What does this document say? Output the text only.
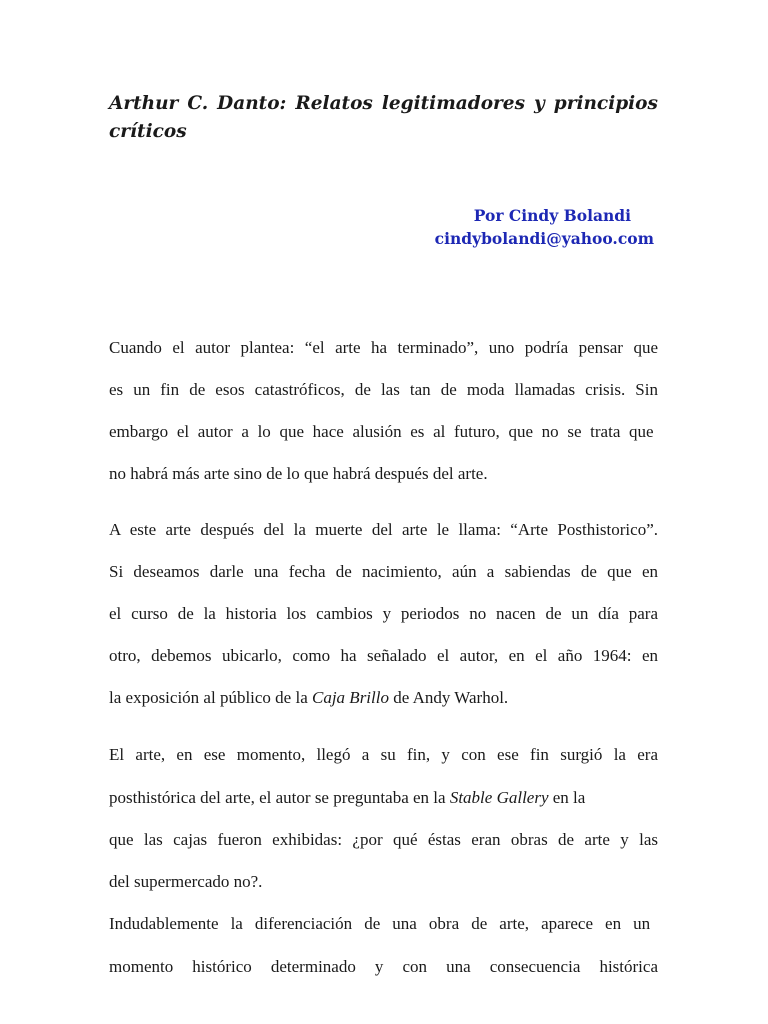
Arthur C. Danto: Relatos legitimadores y principios
críticos
Por Cindy Bolandi
cindybolandi@yahoo.com
Cuando el autor plantea: “el arte ha terminado”, uno podría pensar que
es un fin de esos catastróficos, de las tan de moda llamadas crisis. Sin
embargo el autor a lo que hace alusión es al futuro, que no se trata que
no habrá más arte sino de lo que habrá después del arte.
A este arte después del la muerte del arte le llama: “Arte Posthistorico”.
Si deseamos darle una fecha de nacimiento, aún a sabiendas de que en
el curso de la historia los cambios y periodos no nacen de un día para
otro, debemos ubicarlo, como ha señalado el autor, en el año 1964: en
la exposición al público de la Caja Brillo de Andy Warhol.
El arte, en ese momento, llegó a su fin, y con ese fin surgió la era
posthistórica del arte, el autor se preguntaba en la Stable Gallery en la
que las cajas fueron exhibidas: ¿por qué éstas eran obras de arte y las
del supermercado no?.
Indudablemente la diferenciación de una obra de arte, aparece en un
momento histórico determinado y con una consecuencia histórica
